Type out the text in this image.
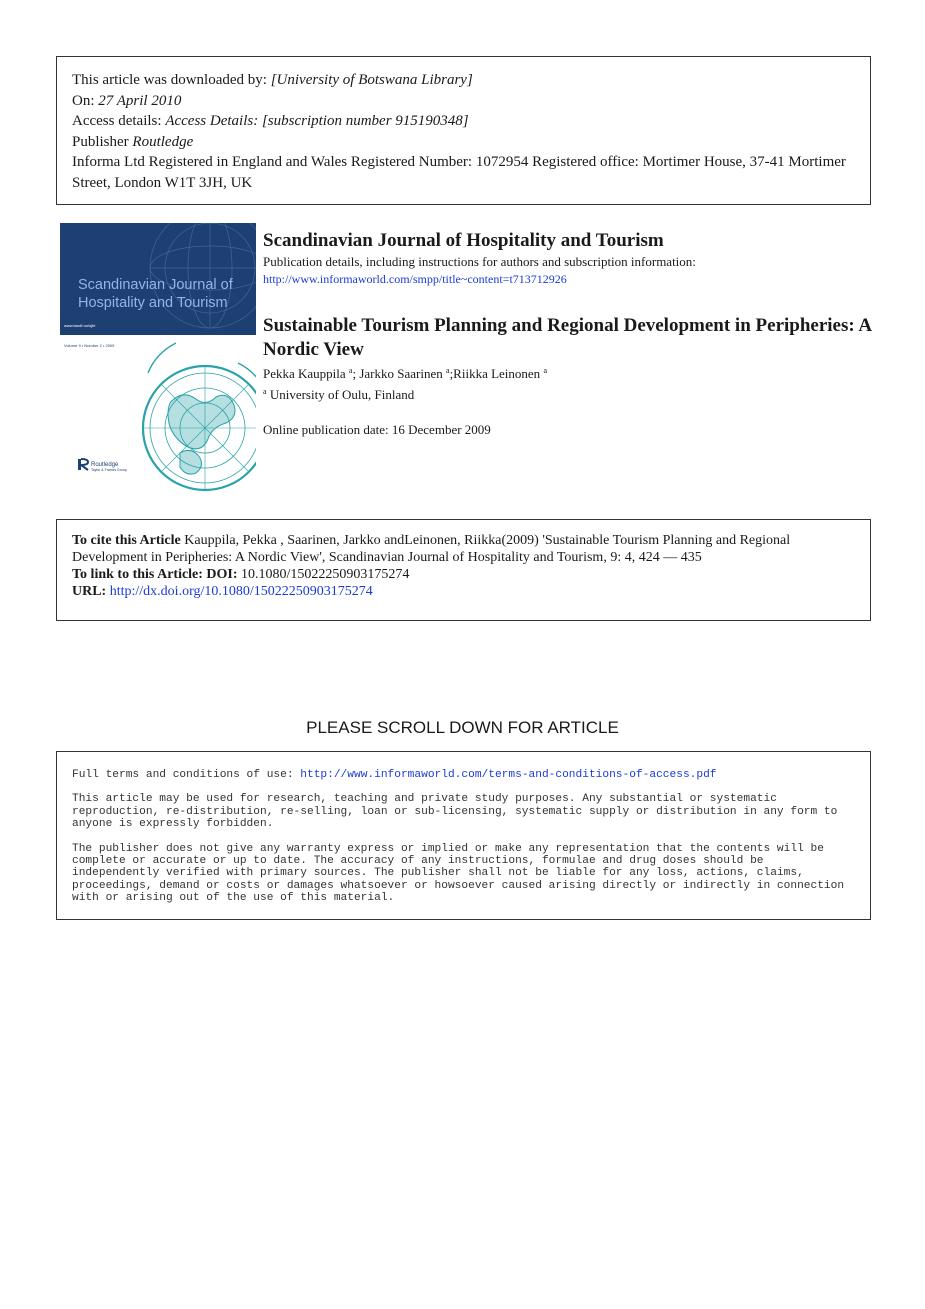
This article was downloaded by: [University of Botswana Library]
On: 27 April 2010
Access details: Access Details: [subscription number 915190348]
Publisher Routledge
Informa Ltd Registered in England and Wales Registered Number: 1072954 Registered office: Mortimer House, 37-41 Mortimer Street, London W1T 3JH, UK
Scandinavian Journal of
Hospitality and Tourism
www.tandf.no/sjht
Volume 9 • Number 2 • 2009
Routledge
Taylor & Francis Group
Scandinavian Journal of Hospitality and Tourism
Publication details, including instructions for authors and subscription information:
http://www.informaworld.com/smpp/title~content=t713712926
Sustainable Tourism Planning and Regional Development in Peripheries: A Nordic View
Pekka Kauppila $^a$; Jarkko Saarinen $^a$;Riikka Leinonen $^a$
$^a$ University of Oulu, Finland
Online publication date: 16 December 2009
To cite this Article Kauppila, Pekka , Saarinen, Jarkko andLeinonen, Riikka(2009) 'Sustainable Tourism Planning and Regional Development in Peripheries: A Nordic View', Scandinavian Journal of Hospitality and Tourism, 9: 4, 424 — 435
To link to this Article: DOI: 10.1080/15022250903175274
URL: http://dx.doi.org/10.1080/15022250903175274
PLEASE SCROLL DOWN FOR ARTICLE

Full terms and conditions of use: http://www.informaworld.com/terms-and-conditions-of-access.pdf

This article may be used for research, teaching and private study purposes. Any substantial or systematic reproduction, re-distribution, re-selling, loan or sub-licensing, systematic supply or distribution in any form to anyone is expressly forbidden.

The publisher does not give any warranty express or implied or make any representation that the contents will be complete or accurate or up to date. The accuracy of any instructions, formulae and drug doses should be independently verified with primary sources. The publisher shall not be liable for any loss, actions, claims, proceedings, demand or costs or damages whatsoever or howsoever caused arising directly or indirectly in connection with or arising out of the use of this material.
